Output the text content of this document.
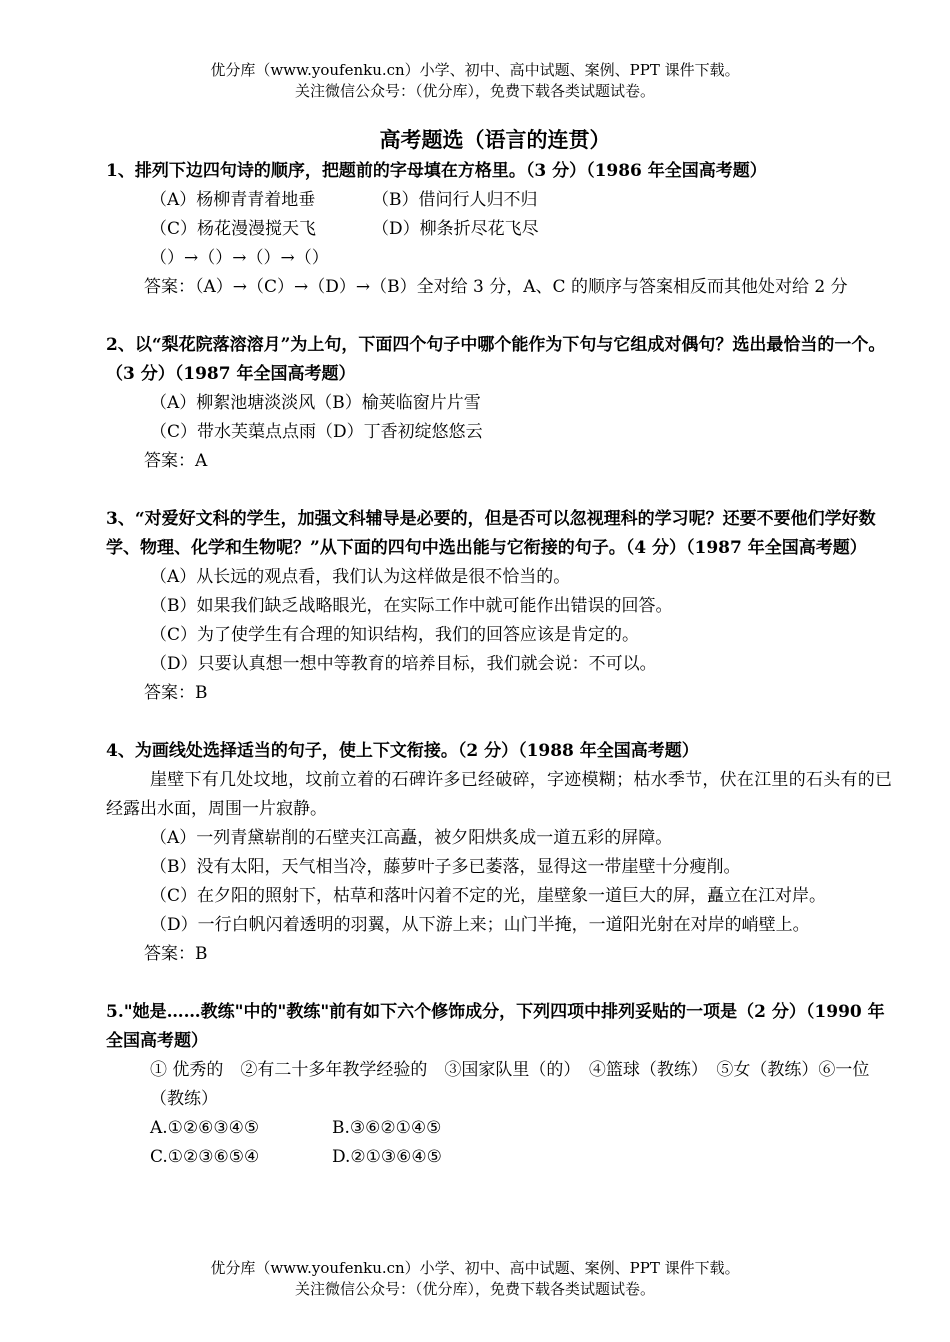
优分库（www.youfenku.cn）小学、初中、高中试题、案例、PPT 课件下载。
关注微信公众号：（优分库），免费下载各类试题试卷。
高考题选（语言的连贯）

1、排列下边四句诗的顺序，把题前的字母填在方格里。（3 分）（1986 年全国高考题）

（A）杨柳青青着地垂	（B）借问行人归不归

（C）杨花漫漫搅天飞	（D）柳条折尽花飞尽

（）→（）→（）→（）

答案：（A）→（C）→（D）→（B）全对给 3 分，A、C 的顺序与答案相反而其他处对给 2 分

2、以“梨花院落溶溶月”为上句，下面四个句子中哪个能作为下句与它组成对偶句？选出最恰当的一个。（3 分）（1987 年全国高考题）

（A）柳絮池塘淡淡风（B）榆荚临窗片片雪

（C）带水芙蕖点点雨（D）丁香初绽悠悠云

答案：A

3、“对爱好文科的学生，加强文科辅导是必要的，但是否可以忽视理科的学习呢？还要不要他们学好数学、物理、化学和生物呢？”从下面的四句中选出能与它衔接的句子。（4 分）（1987 年全国高考题）

（A）从长远的观点看，我们认为这样做是很不恰当的。

（B）如果我们缺乏战略眼光，在实际工作中就可能作出错误的回答。

（C）为了使学生有合理的知识结构，我们的回答应该是肯定的。

（D）只要认真想一想中等教育的培养目标，我们就会说：不可以。

答案：B

4、为画线处选择适当的句子，使上下文衔接。（2 分）（1988 年全国高考题）

崖壁下有几处坟地，坟前立着的石碑许多已经破碎，字迹模糊；枯水季节，伏在江里的石头有的已经露出水面，周围一片寂静。

（A）一列青黛崭削的石壁夹江高矗，被夕阳烘炙成一道五彩的屏障。

（B）没有太阳，天气相当冷，藤萝叶子多已萎落，显得这一带崖壁十分瘦削。

（C）在夕阳的照射下，枯草和落叶闪着不定的光，崖壁象一道巨大的屏，矗立在江对岸。

（D）一行白帆闪着透明的羽翼，从下游上来；山门半掩，一道阳光射在对岸的峭壁上。

答案：B

5."她是……教练"中的"教练"前有如下六个修饰成分，下列四项中排列妥贴的一项是（2 分）（1990 年全国高考题）

① 优秀的　②有二十多年教学经验的　③国家队里（的）　④篮球（教练）　⑤女（教练）⑥一位（教练）

A.①②⑥③④⑤	B.③⑥②①④⑤

C.①②③⑥⑤④	D.②①③⑥④⑤

优分库（www.youfenku.cn）小学、初中、高中试题、案例、PPT 课件下载。
关注微信公众号：（优分库），免费下载各类试题试卷。
